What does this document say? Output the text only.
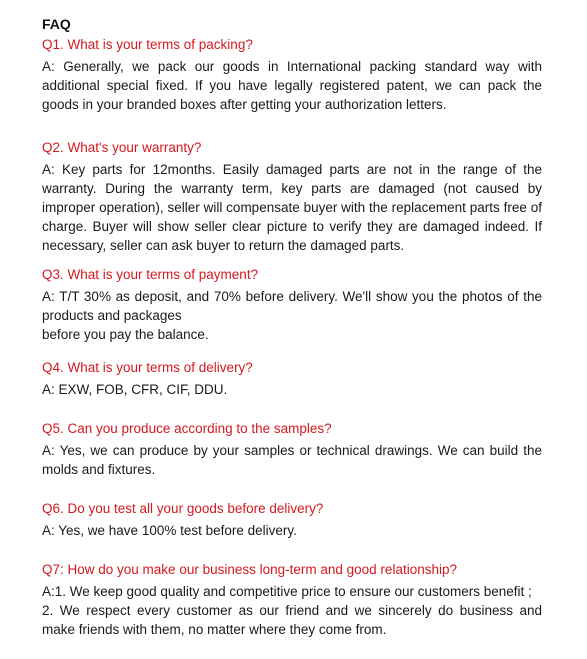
FAQ

Q1. What is your terms of packing?

A: Generally, we pack our goods in International packing standard way with additional special fixed. If you have legally registered patent, we can pack the goods in your branded boxes after getting your authorization letters.

Q2. What's your warranty?

A: Key parts for 12months. Easily damaged parts are not in the range of the warranty. During the warranty term, key parts are damaged (not caused by improper operation), seller will compensate buyer with the replacement parts free of charge. Buyer will show seller clear picture to verify they are damaged indeed. If necessary, seller can ask buyer to return the damaged parts.

Q3. What is your terms of payment?

A: T/T 30% as deposit, and 70% before delivery. We'll show you the photos of the products and packages
before you pay the balance.

Q4. What is your terms of delivery?

A: EXW, FOB, CFR, CIF, DDU.

Q5. Can you produce according to the samples?

A: Yes, we can produce by your samples or technical drawings. We can build the molds and fixtures.

Q6. Do you test all your goods before delivery?

A: Yes, we have 100% test before delivery.

Q7: How do you make our business long-term and good relationship?

A:1. We keep good quality and competitive price to ensure our customers benefit ;
2. We respect every customer as our friend and we sincerely do business and make friends with them, no matter where they come from.
